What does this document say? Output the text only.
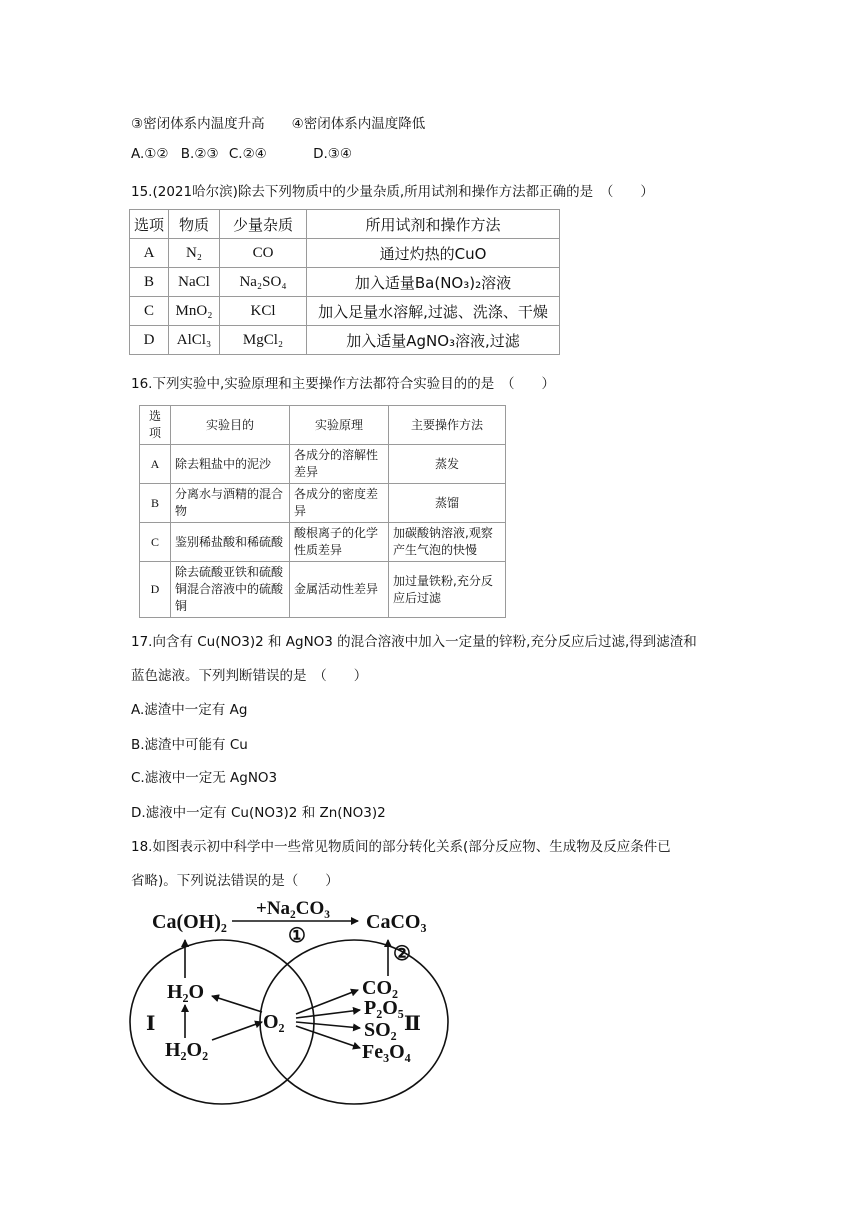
③密闭体系内温度升高　　④密闭体系内温度降低
A.①② B.②③ C.②④	D.③④
15.(2021哈尔滨)除去下列物质中的少量杂质,所用试剂和操作方法都正确的是　（　　）
选项	物质	少量杂质	所用试剂和操作方法
A	N₂	CO	通过灼热的CuO
B	NaCl	Na₂SO₄	加入适量Ba(NO₃)₂溶液
C	MnO₂	KCl	加入足量水溶解,过滤、洗涤、干燥
D	AlCl₃	MgCl₂	加入适量AgNO₃溶液,过滤
16.下列实验中,实验原理和主要操作方法都符合实验目的的是　（　　）
选项	实验目的	实验原理	主要操作方法
A	除去粗盐中的泥沙	各成分的溶解性差异	蒸发
B	分离水与酒精的混合物	各成分的密度差异	蒸馏
C	鉴别稀盐酸和稀硫酸	酸根离子的化学性质差异	加碳酸钠溶液,观察产生气泡的快慢
D	除去硫酸亚铁和硫酸铜混合溶液中的硫酸铜	金属活动性差异	加过量铁粉,充分反应后过滤
17.向含有 Cu(NO3)2 和 AgNO3 的混合溶液中加入一定量的锌粉,充分反应后过滤,得到滤渣和
蓝色滤液。下列判断错误的是　（　　）
A.滤渣中一定有 Ag
B.滤渣中可能有 Cu
C.滤液中一定无 AgNO3
D.滤液中一定有 Cu(NO3)2 和 Zn(NO3)2
18.如图表示初中科学中一些常见物质间的部分转化关系(部分反应物、生成物及反应条件已
省略)。下列说法错误的是（　　）
Ca(OH)₂	CaCO₃
+Na₂CO₃
①
②
Ⅰ	Ⅱ
H₂O
H₂O₂
O₂
CO₂
P₂O₅
SO₂
Fe₃O₄
